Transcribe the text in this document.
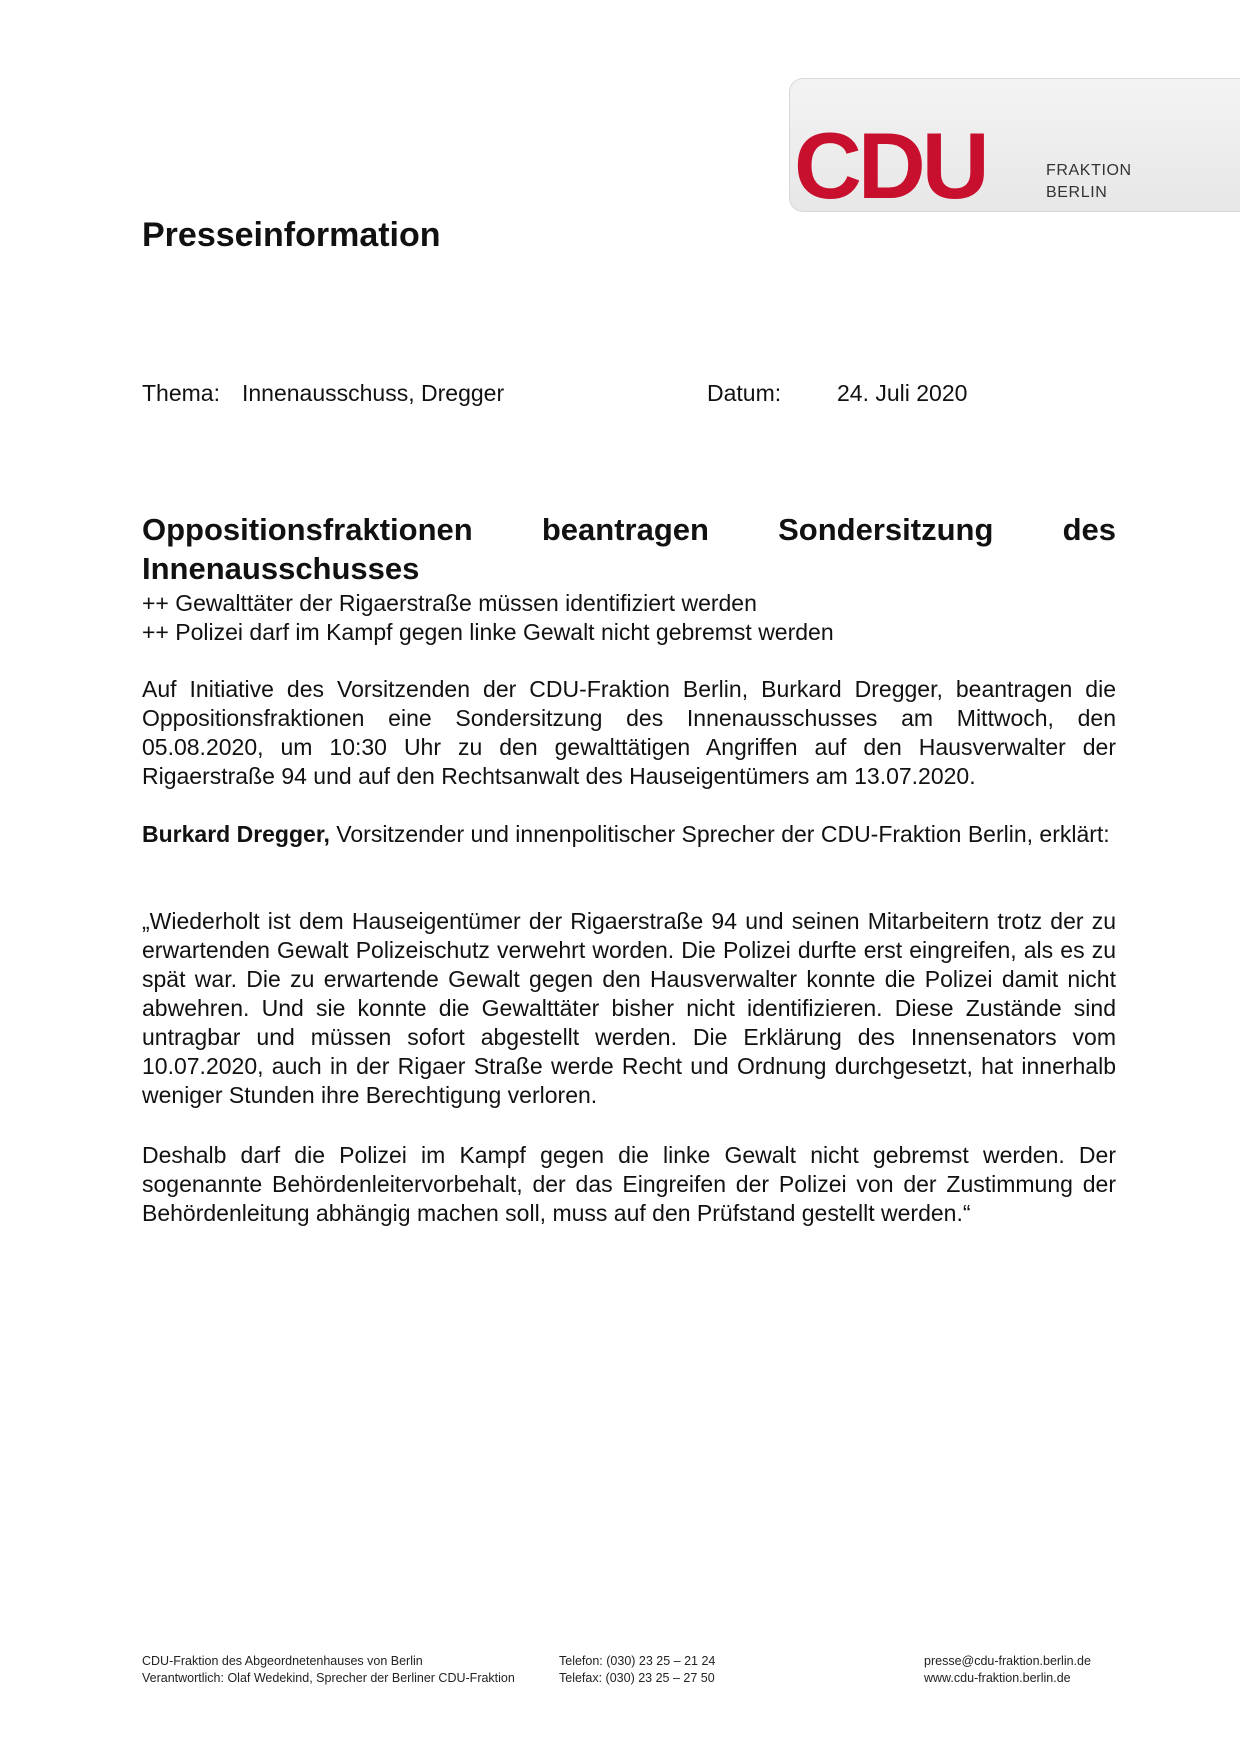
CDU	FRAKTION
BERLIN
Presseinformation
Thema: Innenausschuss, Dregger	Datum: 24. Juli 2020
Oppositionsfraktionen beantragen Sondersitzung des Innenausschusses
++ Gewalttäter der Rigaerstraße müssen identifiziert werden
++ Polizei darf im Kampf gegen linke Gewalt nicht gebremst werden

Auf Initiative des Vorsitzenden der CDU-Fraktion Berlin, Burkard Dregger, beantragen die Oppositionsfraktionen eine Sondersitzung des Innenausschusses am Mittwoch, den 05.08.2020, um 10:30 Uhr zu den gewalttätigen Angriffen auf den Hausverwalter der Rigaerstraße 94 und auf den Rechtsanwalt des Hauseigentümers am 13.07.2020.

Burkard Dregger, Vorsitzender und innenpolitischer Sprecher der CDU-Fraktion Berlin, erklärt:

„Wiederholt ist dem Hauseigentümer der Rigaerstraße 94 und seinen Mitarbeitern trotz der zu erwartenden Gewalt Polizeischutz verwehrt worden. Die Polizei durfte erst eingreifen, als es zu spät war. Die zu erwartende Gewalt gegen den Hausverwalter konnte die Polizei damit nicht abwehren. Und sie konnte die Gewalttäter bisher nicht identifizieren. Diese Zustände sind untragbar und müssen sofort abgestellt werden. Die Erklärung des Innensenators vom 10.07.2020, auch in der Rigaer Straße werde Recht und Ordnung durchgesetzt, hat innerhalb weniger Stunden ihre Berechtigung verloren.

Deshalb darf die Polizei im Kampf gegen die linke Gewalt nicht gebremst werden. Der sogenannte Behördenleitervorbehalt, der das Eingreifen der Polizei von der Zustimmung der Behördenleitung abhängig machen soll, muss auf den Prüfstand gestellt werden.“

CDU-Fraktion des Abgeordnetenhauses von Berlin
Verantwortlich: Olaf Wedekind, Sprecher der Berliner CDU-Fraktion
Telefon: (030) 23 25 – 21 24
Telefax: (030) 23 25 – 27 50
presse@cdu-fraktion.berlin.de
www.cdu-fraktion.berlin.de
